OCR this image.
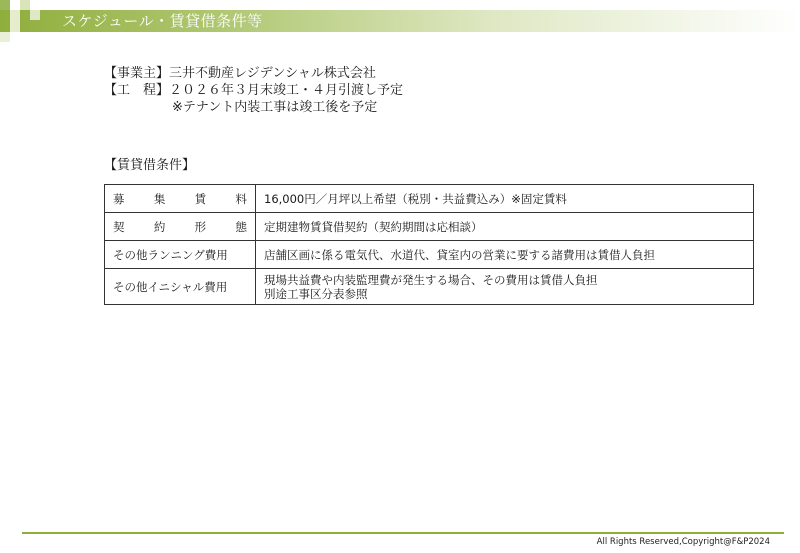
スケジュール・賃貸借条件等
【事業主】三井不動産レジデンシャル株式会社
【工　程】２０２６年３月末竣工・４月引渡し予定
※テナント内装工事は竣工後を予定
【賃貸借条件】
募集賃料	16,000円／月坪以上希望（税別・共益費込み）※固定賃料

契約形態	定期建物賃貸借契約（契約期間は応相談）

その他ランニング費用	店舗区画に係る電気代、水道代、貸室内の営業に要する諸費用は賃借人負担

その他イニシャル費用	現場共益費や内装監理費が発生する場合、その費用は賃借人負担
別途工事区分表参照
All Rights Reserved,Copyright@F&P2024
